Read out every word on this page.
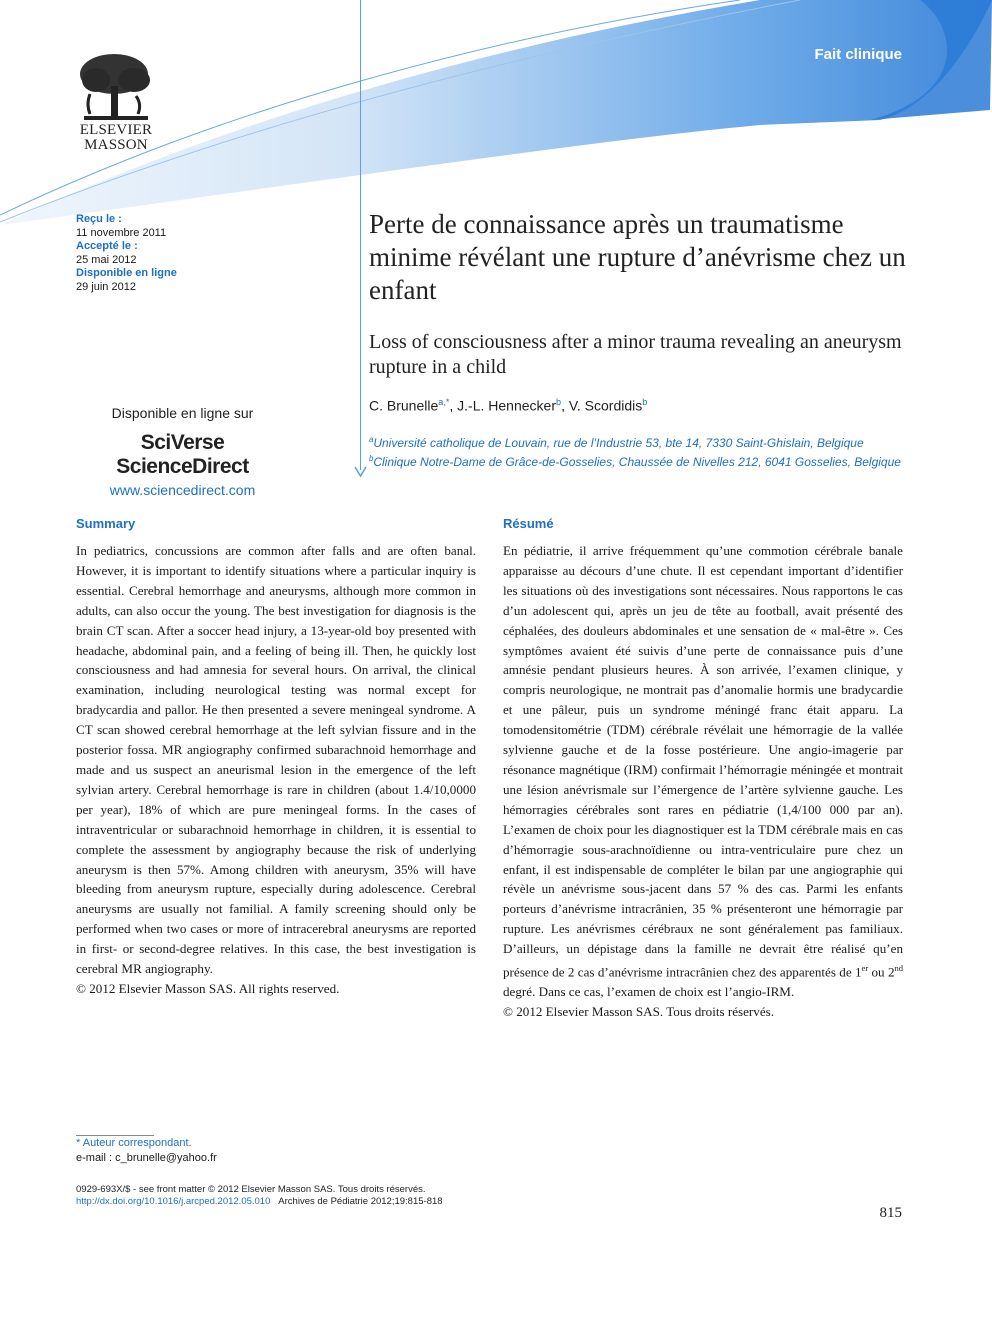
Fait clinique
ELSEVIER
MASSON
Reçu le :
11 novembre 2011
Accepté le :
25 mai 2012
Disponible en ligne
29 juin 2012
Disponible en ligne sur
SciVerse ScienceDirect
www.sciencedirect.com
Perte de connaissance après un traumatisme minime révélant une rupture d’anévrisme chez un enfant
Loss of consciousness after a minor trauma revealing an aneurysm rupture in a child
C. Brunelle$^{a,*}$, J.-L. Hennecker$^b$, V. Scordidis$^b$
$^a$Université catholique de Louvain, rue de l’Industrie 53, bte 14, 7330 Saint-Ghislain, Belgique
$^b$Clinique Notre-Dame de Grâce-de-Gosselies, Chaussée de Nivelles 212, 6041 Gosselies, Belgique
Summary

In pediatrics, concussions are common after falls and are often banal. However, it is important to identify situations where a particular inquiry is essential. Cerebral hemorrhage and aneurysms, although more common in adults, can also occur the young. The best investigation for diagnosis is the brain CT scan. After a soccer head injury, a 13-year-old boy presented with headache, abdominal pain, and a feeling of being ill. Then, he quickly lost consciousness and had amnesia for several hours. On arrival, the clinical examination, including neurological testing was normal except for bradycardia and pallor. He then presented a severe meningeal syndrome. A CT scan showed cerebral hemorrhage at the left sylvian fissure and in the posterior fossa. MR angiography confirmed subarachnoid hemorrhage and made and us suspect an aneurismal lesion in the emergence of the left sylvian artery. Cerebral hemorrhage is rare in children (about 1.4/10,0000 per year), 18% of which are pure meningeal forms. In the cases of intraventricular or subarachnoid hemorrhage in children, it is essential to complete the assessment by angiography because the risk of underlying aneurysm is then 57%. Among children with aneurysm, 35% will have bleeding from aneurysm rupture, especially during adolescence. Cerebral aneurysms are usually not familial. A family screening should only be performed when two cases or more of intracerebral aneurysms are reported in first- or second-degree relatives. In this case, the best investigation is cerebral MR angiography.

© 2012 Elsevier Masson SAS. All rights reserved.

Résumé

En pédiatrie, il arrive fréquemment qu’une commotion cérébrale banale apparaisse au décours d’une chute. Il est cependant important d’identifier les situations où des investigations sont nécessaires. Nous rapportons le cas d’un adolescent qui, après un jeu de tête au football, avait présenté des céphalées, des douleurs abdominales et une sensation de « mal-être ». Ces symptômes avaient été suivis d’une perte de connaissance puis d’une amnésie pendant plusieurs heures. À son arrivée, l’examen clinique, y compris neurologique, ne montrait pas d’anomalie hormis une bradycardie et une pâleur, puis un syndrome méningé franc était apparu. La tomodensitométrie (TDM) cérébrale révélait une hémorragie de la vallée sylvienne gauche et de la fosse postérieure. Une angio-imagerie par résonance magnétique (IRM) confirmait l’hémorragie méningée et montrait une lésion anévrismale sur l’émergence de l’artère sylvienne gauche. Les hémorragies cérébrales sont rares en pédiatrie (1,4/100 000 par an). L’examen de choix pour les diagnostiquer est la TDM cérébrale mais en cas d’hémorragie sous-arachnoïdienne ou intra-ventriculaire pure chez un enfant, il est indispensable de compléter le bilan par une angiographie qui révèle un anévrisme sous-jacent dans 57 % des cas. Parmi les enfants porteurs d’anévrisme intracrânien, 35 % présenteront une hémorragie par rupture. Les anévrismes cérébraux ne sont généralement pas familiaux. D’ailleurs, un dépistage dans la famille ne devrait être réalisé qu’en présence de 2 cas d’anévrisme intracrânien chez des apparentés de 1er ou 2nd degré. Dans ce cas, l’examen de choix est l’angio-IRM.

© 2012 Elsevier Masson SAS. Tous droits réservés.

* Auteur correspondant.
e-mail : c_brunelle@yahoo.fr
0929-693X/$ - see front matter © 2012 Elsevier Masson SAS. Tous droits réservés.
http://dx.doi.org/10.1016/j.arcped.2012.05.010 Archives de Pédiatrie 2012;19:815-818
815
